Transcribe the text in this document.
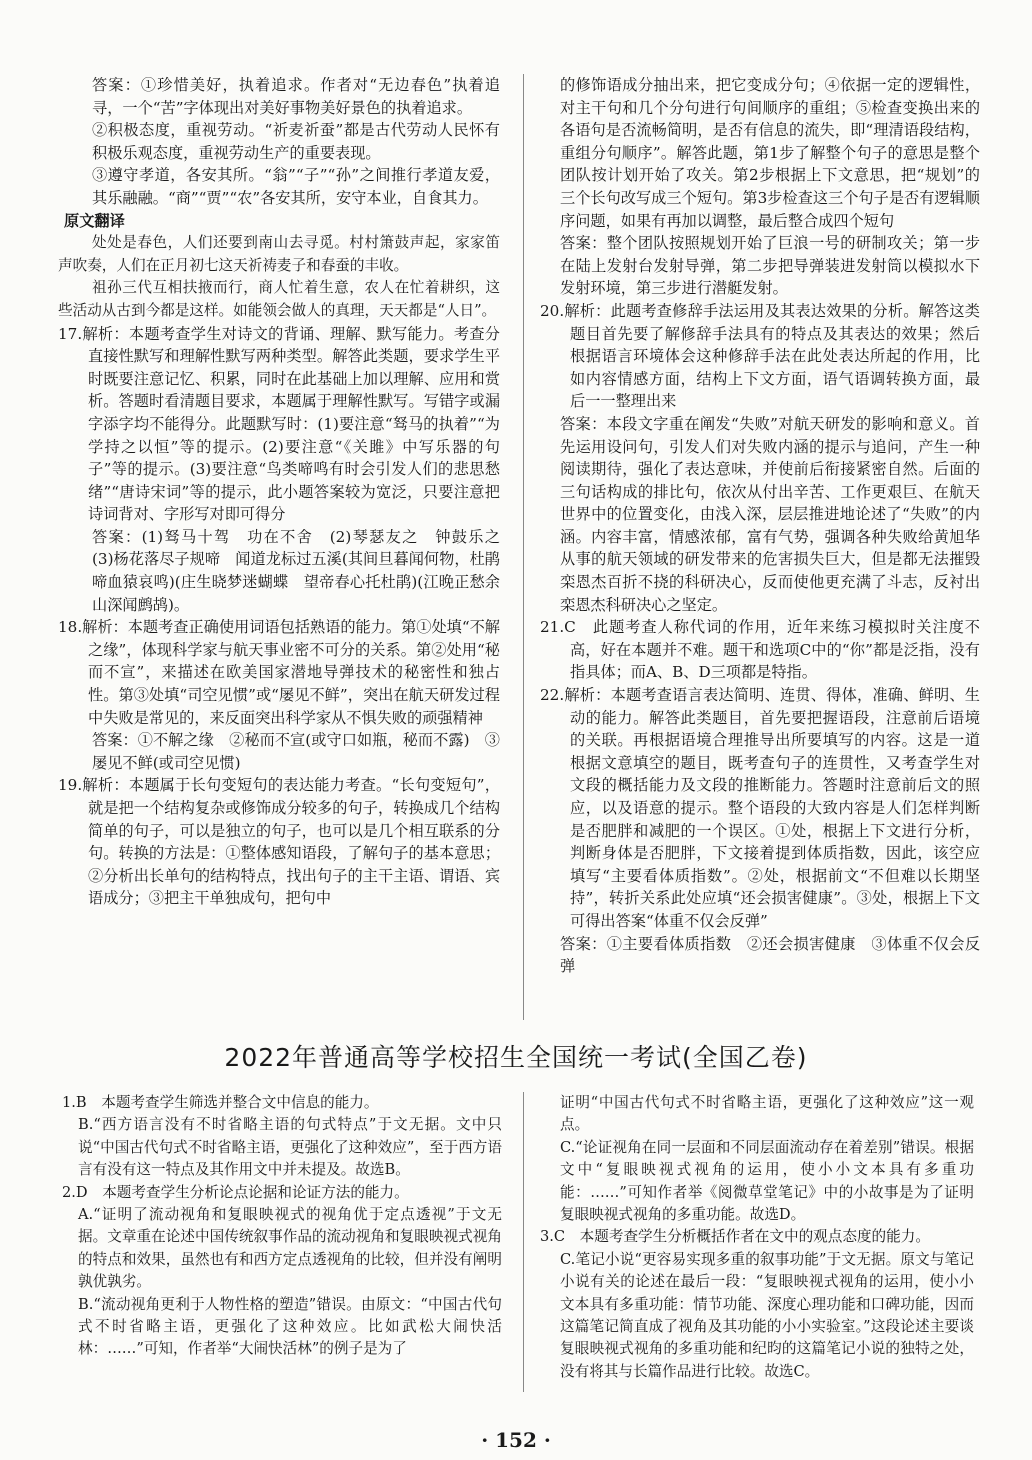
答案：①珍惜美好，执着追求。作者对“无边春色”执着追寻，一个“苦”字体现出对美好事物美好景色的执着追求。

②积极态度，重视劳动。“祈麦祈蚕”都是古代劳动人民怀有积极乐观态度，重视劳动生产的重要表现。

③遵守孝道，各安其所。“翁”“子”“孙”之间推行孝道友爱，其乐融融。“商”“贾”“农”各安其所，安守本业，自食其力。

原文翻译

处处是春色，人们还要到南山去寻觅。村村箫鼓声起，家家笛声吹奏，人们在正月初七这天祈祷麦子和春蚕的丰收。

祖孙三代互相扶掖而行，商人忙着生意，农人在忙着耕织，这些活动从古到今都是这样。如能领会做人的真理，天天都是“人日”。

17.解析：本题考查学生对诗文的背诵、理解、默写能力。考查分直接性默写和理解性默写两种类型。解答此类题，要求学生平时既要注意记忆、积累，同时在此基础上加以理解、应用和赏析。答题时看清题目要求，本题属于理解性默写。写错字或漏字添字均不能得分。此题默写时：(1)要注意“驽马的执着”“为学持之以恒”等的提示。(2)要注意“《关雎》中写乐器的句子”等的提示。(3)要注意“鸟类啼鸣有时会引发人们的悲思愁绪”“唐诗宋词”等的提示，此小题答案较为宽泛，只要注意把诗词背对、字形写对即可得分

答案：(1)驽马十驾　功在不舍　(2)琴瑟友之　钟鼓乐之　(3)杨花落尽子规啼　闻道龙标过五溪(其间旦暮闻何物，杜鹃啼血猿哀鸣)(庄生晓梦迷蝴蝶　望帝春心托杜鹃)(江晚正愁余　山深闻鹧鸪)。

18.解析：本题考查正确使用词语包括熟语的能力。第①处填“不解之缘”，体现科学家与航天事业密不可分的关系。第②处用“秘而不宣”，来描述在欧美国家潜地导弹技术的秘密性和独占性。第③处填“司空见惯”或“屡见不鲜”，突出在航天研发过程中失败是常见的，来反面突出科学家从不惧失败的顽强精神

答案：①不解之缘　②秘而不宣(或守口如瓶，秘而不露)　③屡见不鲜(或司空见惯)

19.解析：本题属于长句变短句的表达能力考查。“长句变短句”，就是把一个结构复杂或修饰成分较多的句子，转换成几个结构简单的句子，可以是独立的句子，也可以是几个相互联系的分句。转换的方法是：①整体感知语段，了解句子的基本意思；②分析出长单句的结构特点，找出句子的主干主语、谓语、宾语成分；③把主干单独成句，把句中

的修饰语成分抽出来，把它变成分句；④依据一定的逻辑性，对主干句和几个分句进行句间顺序的重组；⑤检查变换出来的各语句是否流畅简明，是否有信息的流失，即“理清语段结构，重组分句顺序”。解答此题，第1步了解整个句子的意思是整个团队按计划开始了攻关。第2步根据上下文意思，把“规划”的三个长句改写成三个短句。第3步检查这三个句子是否有逻辑顺序问题，如果有再加以调整，最后整合成四个短句

答案：整个团队按照规划开始了巨浪一号的研制攻关；第一步在陆上发射台发射导弹，第二步把导弹装进发射筒以模拟水下发射环境，第三步进行潜艇发射。

20.解析：此题考查修辞手法运用及其表达效果的分析。解答这类题目首先要了解修辞手法具有的特点及其表达的效果；然后根据语言环境体会这种修辞手法在此处表达所起的作用，比如内容情感方面，结构上下文方面，语气语调转换方面，最后一一整理出来

答案：本段文字重在阐发“失败”对航天研发的影响和意义。首先运用设问句，引发人们对失败内涵的提示与追问，产生一种阅读期待，强化了表达意味，并使前后衔接紧密自然。后面的三句话构成的排比句，依次从付出辛苦、工作更艰巨、在航天世界中的位置变化，由浅入深，层层推进地论述了“失败”的内涵。内容丰富，情感浓郁，富有气势，强调各种失败给黄旭华从事的航天领域的研发带来的危害损失巨大，但是都无法摧毁栾恩杰百折不挠的科研决心，反而使他更充满了斗志，反衬出栾恩杰科研决心之坚定。

21.C　此题考查人称代词的作用，近年来练习模拟时关注度不高，好在本题并不难。题干和选项C中的“你”都是泛指，没有指具体；而A、B、D三项都是特指。

22.解析：本题考查语言表达简明、连贯、得体，准确、鲜明、生动的能力。解答此类题目，首先要把握语段，注意前后语境的关联。再根据语境合理推导出所要填写的内容。这是一道根据文意填空的题目，既考查句子的连贯性，又考查学生对文段的概括能力及文段的推断能力。答题时注意前后文的照应，以及语意的提示。整个语段的大致内容是人们怎样判断是否肥胖和减肥的一个误区。①处，根据上下文进行分析，判断身体是否肥胖，下文接着提到体质指数，因此，该空应填写“主要看体质指数”。②处，根据前文“不但难以长期坚持”，转折关系此处应填“还会损害健康”。③处，根据上下文可得出答案“体重不仅会反弹”

答案：①主要看体质指数　②还会损害健康　③体重不仅会反弹

2022年普通高等学校招生全国统一考试(全国乙卷)

1.B　本题考查学生筛选并整合文中信息的能力。

B.“西方语言没有不时省略主语的句式特点”于文无据。文中只说“中国古代句式不时省略主语，更强化了这种效应”，至于西方语言有没有这一特点及其作用文中并未提及。故选B。

2.D　本题考查学生分析论点论据和论证方法的能力。

A.“证明了流动视角和复眼映视式的视角优于定点透视”于文无据。文章重在论述中国传统叙事作品的流动视角和复眼映视式视角的特点和效果，虽然也有和西方定点透视角的比较，但并没有阐明孰优孰劣。

B.“流动视角更利于人物性格的塑造”错误。由原文：“中国古代句式不时省略主语，更强化了这种效应。比如武松大闹快活林：……”可知，作者举“大闹快活林”的例子是为了

证明“中国古代句式不时省略主语，更强化了这种效应”这一观点。

C.“论证视角在同一层面和不同层面流动存在着差别”错误。根据文中“复眼映视式视角的运用，使小小文本具有多重功能：……”可知作者举《阅微草堂笔记》中的小故事是为了证明复眼映视式视角的多重功能。故选D。

3.C　本题考查学生分析概括作者在文中的观点态度的能力。

C.笔记小说“更容易实现多重的叙事功能”于文无据。原文与笔记小说有关的论述在最后一段：“复眼映视式视角的运用，使小小文本具有多重功能：情节功能、深度心理功能和口碑功能，因而这篇笔记简直成了视角及其功能的小小实验室。”这段论述主要谈复眼映视式视角的多重功能和纪昀的这篇笔记小说的独特之处，没有将其与长篇作品进行比较。故选C。

· 152 ·
